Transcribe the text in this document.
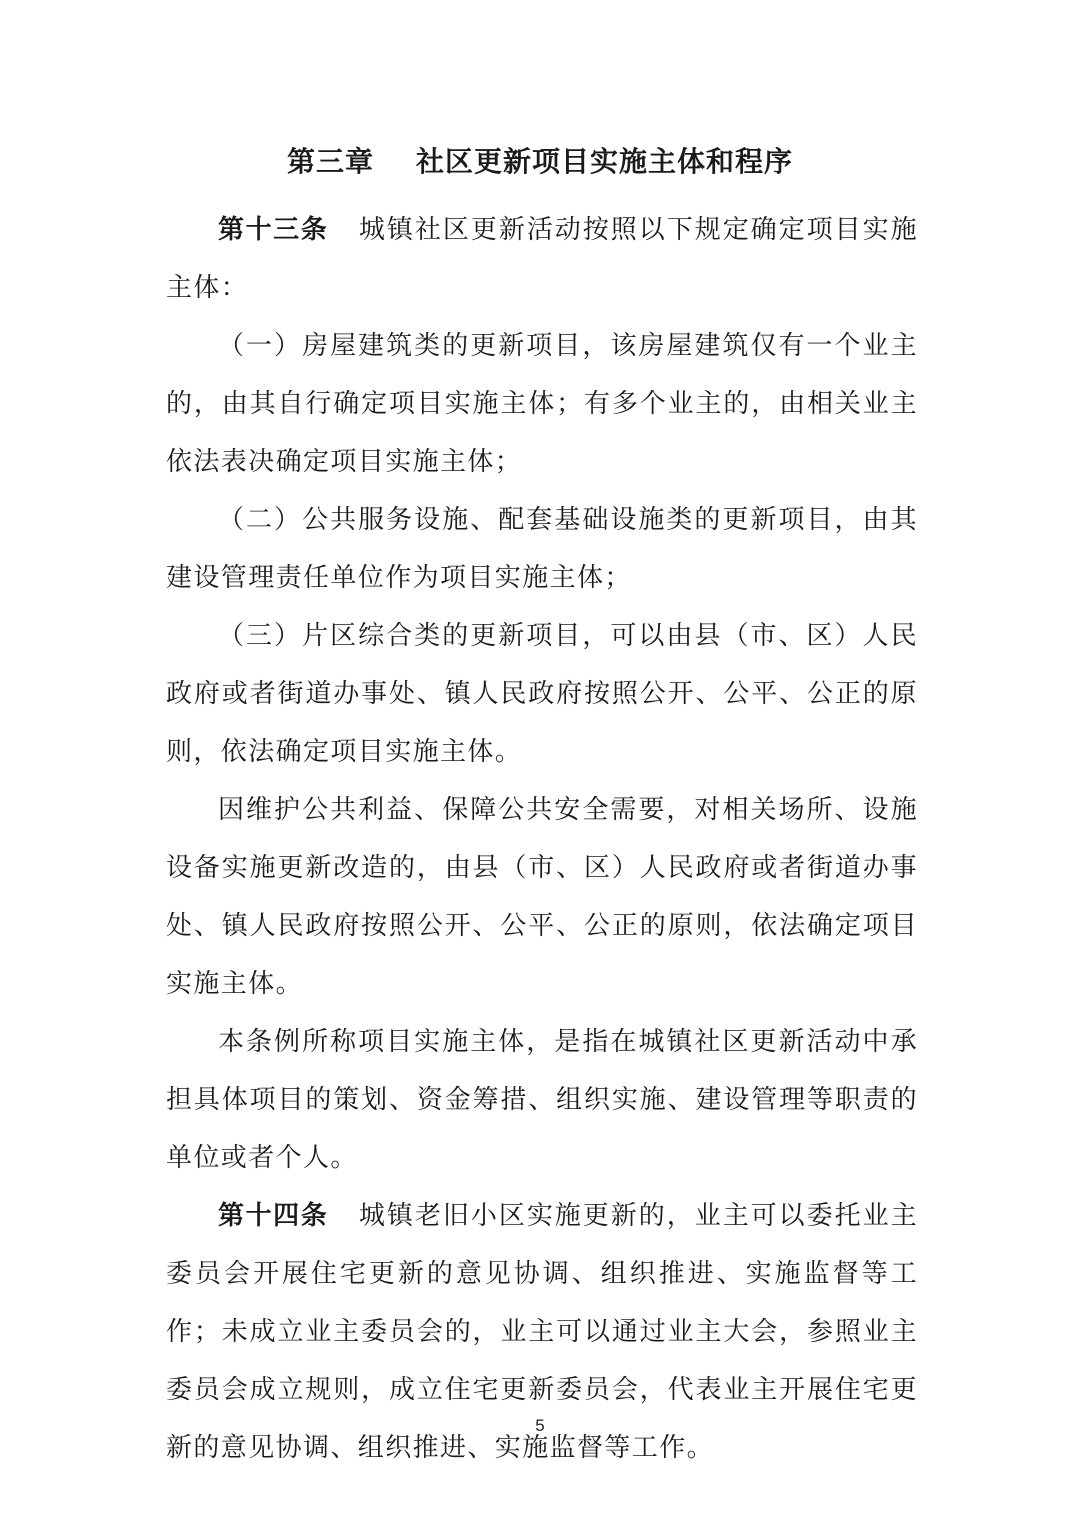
第三章 社区更新项目实施主体和程序

第十三条 城镇社区更新活动按照以下规定确定项目实施主体：

（一）房屋建筑类的更新项目，该房屋建筑仅有一个业主的，由其自行确定项目实施主体；有多个业主的，由相关业主依法表决确定项目实施主体；

（二）公共服务设施、配套基础设施类的更新项目，由其建设管理责任单位作为项目实施主体；

（三）片区综合类的更新项目，可以由县（市、区）人民政府或者街道办事处、镇人民政府按照公开、公平、公正的原则，依法确定项目实施主体。

因维护公共利益、保障公共安全需要，对相关场所、设施设备实施更新改造的，由县（市、区）人民政府或者街道办事处、镇人民政府按照公开、公平、公正的原则，依法确定项目实施主体。

本条例所称项目实施主体，是指在城镇社区更新活动中承担具体项目的策划、资金筹措、组织实施、建设管理等职责的单位或者个人。

第十四条 城镇老旧小区实施更新的，业主可以委托业主委员会开展住宅更新的意见协调、组织推进、实施监督等工作；未成立业主委员会的，业主可以通过业主大会，参照业主委员会成立规则，成立住宅更新委员会，代表业主开展住宅更新的意见协调、组织推进、实施监督等工作。

5
